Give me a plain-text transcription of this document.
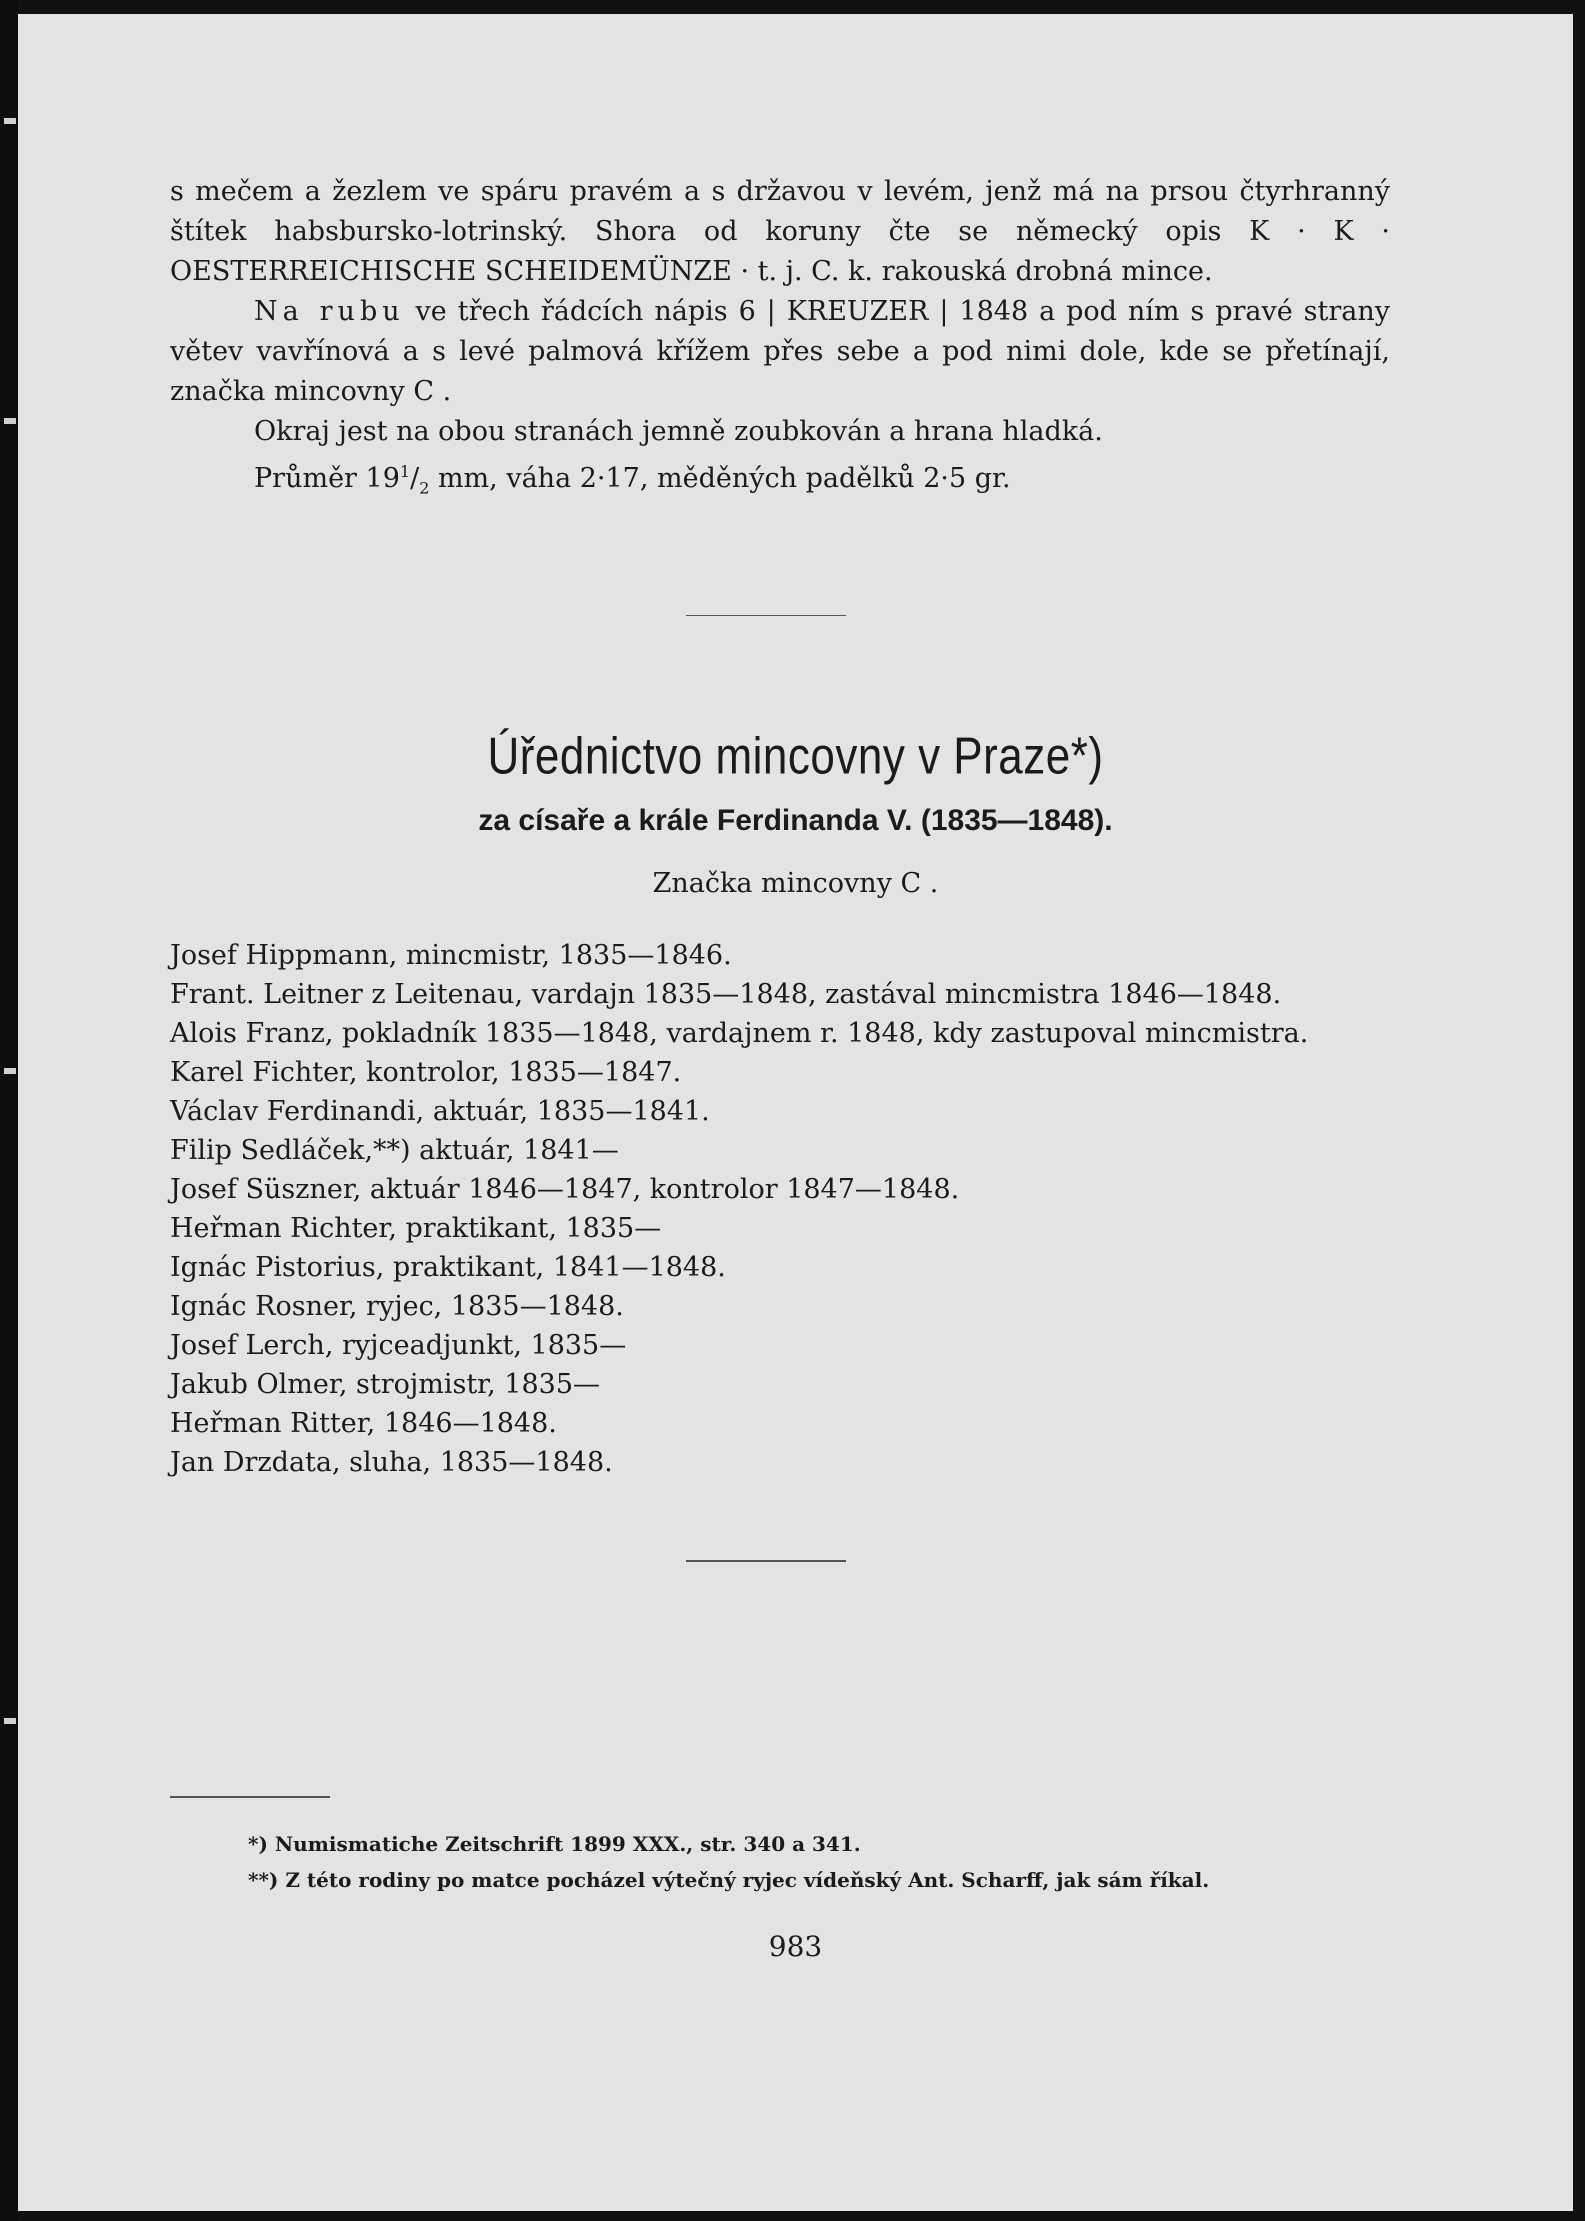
s mečem a žezlem ve spáru pravém a s državou v levém, jenž má na prsou čtyrhranný štítek habsbursko-lotrinský. Shora od koruny čte se německý opis K · K · OESTERREICHISCHE SCHEIDEMÜNZE · t. j. C. k. rakouská drobná mince.

Na rubu ve třech řádcích nápis 6 | KREUZER | 1848 a pod ním s pravé strany větev vavřínová a s levé palmová křížem přes sebe a pod nimi dole, kde se přetínají, značka mincovny C .

Okraj jest na obou stranách jemně zoubkován a hrana hladká.

Průměr $19^1/_2$ mm, váha 2·17, měděných padělků 2·5 gr.

Úřednictvo mincovny v Praze*)
za císaře a krále Ferdinanda V. (1835—1848).
Značka mincovny C .
Josef Hippmann, mincmistr, 1835—1846.
Frant. Leitner z Leitenau, vardajn 1835—1848, zastával mincmistra 1846—1848.
Alois Franz, pokladník 1835—1848, vardajnem r. 1848, kdy zastupoval mincmistra.
Karel Fichter, kontrolor, 1835—1847.
Václav Ferdinandi, aktuár, 1835—1841.
Filip Sedláček,**) aktuár, 1841—
Josef Süszner, aktuár 1846—1847, kontrolor 1847—1848.
Heřman Richter, praktikant, 1835—
Ignác Pistorius, praktikant, 1841—1848.
Ignác Rosner, ryjec, 1835—1848.
Josef Lerch, ryjceadjunkt, 1835—
Jakub Olmer, strojmistr, 1835—
Heřman Ritter, 1846—1848.
Jan Drzdata, sluha, 1835—1848.
*) Numismatiche Zeitschrift 1899 XXX., str. 340 a 341.
**) Z této rodiny po matce pocházel výtečný ryjec vídeňský Ant. Scharff, jak sám říkal.
983
